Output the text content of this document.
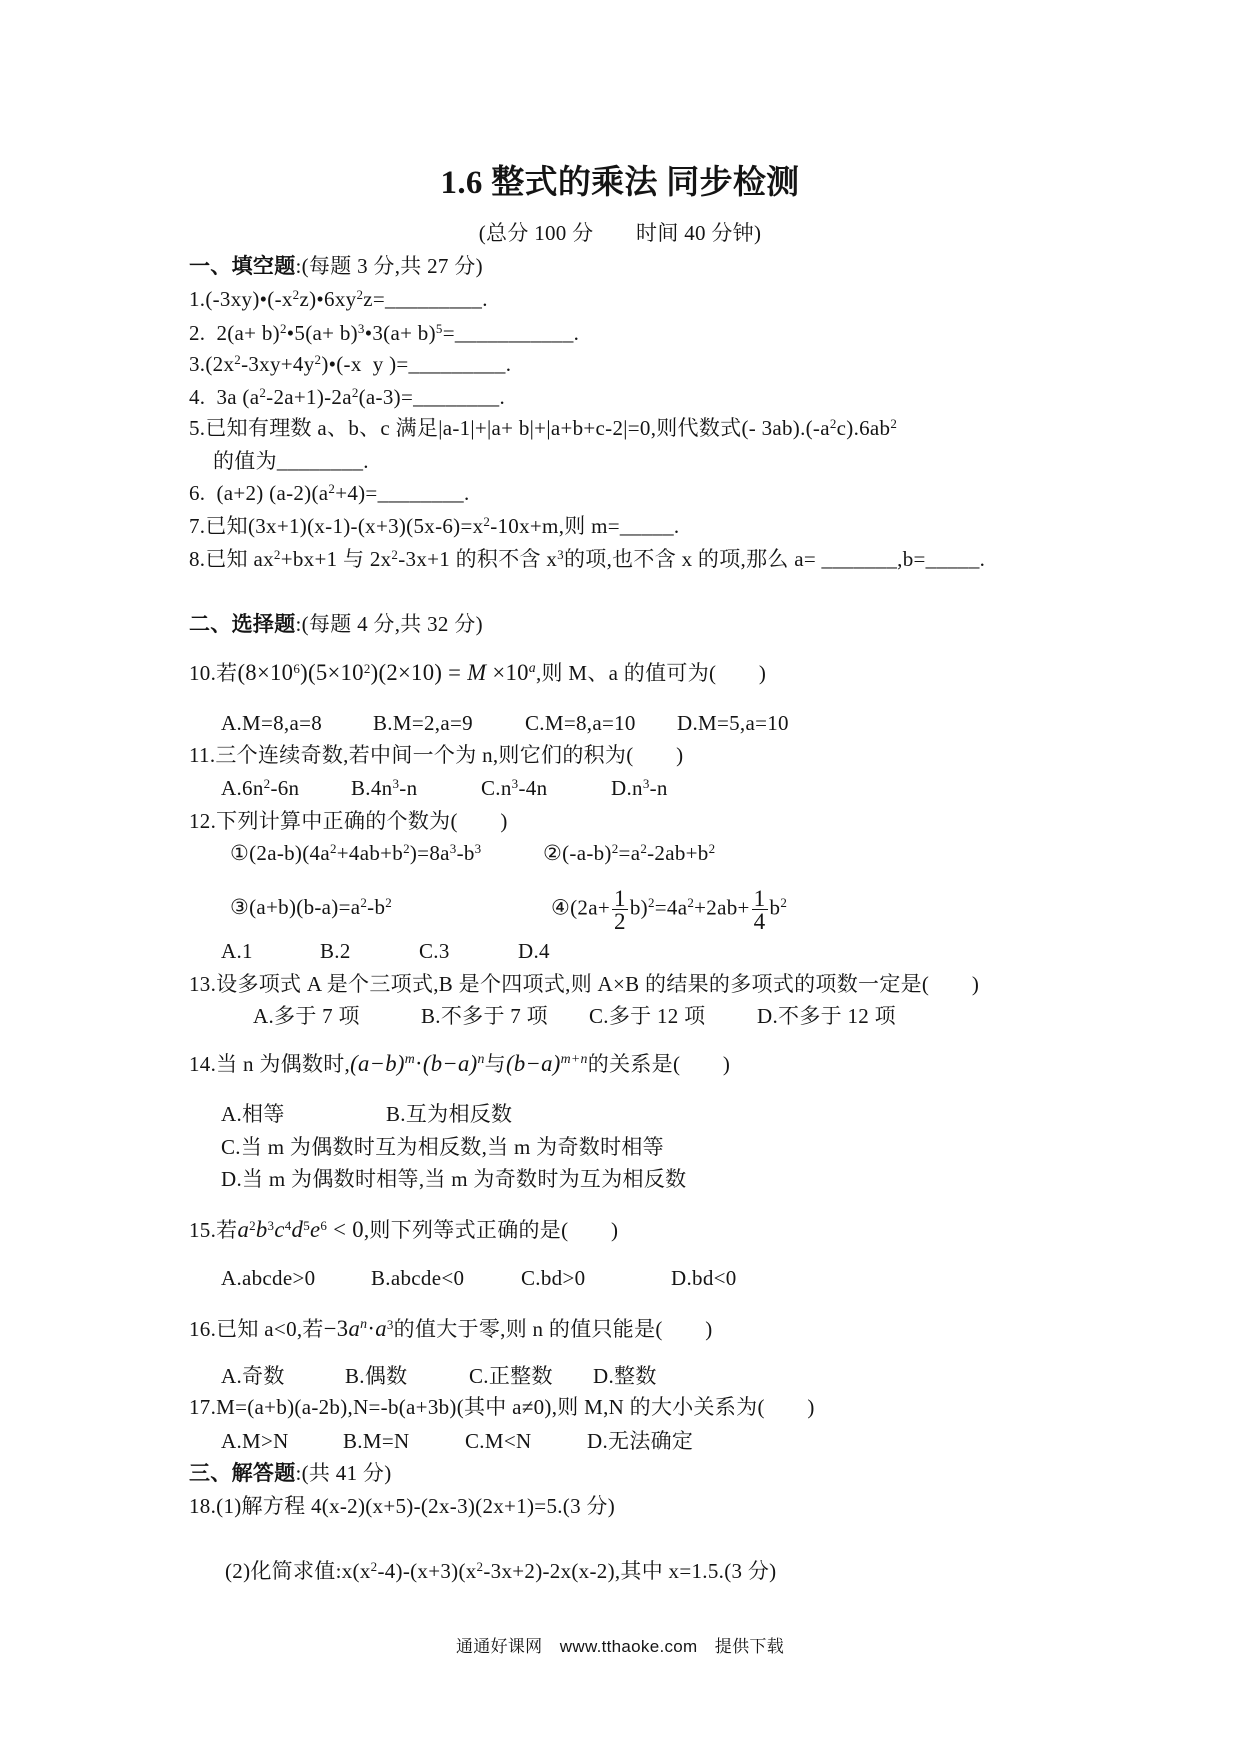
1.6 整式的乘法 同步检测
(总分 100 分　　时间 40 分钟)
一、填空题:(每题 3 分,共 27 分)
$1.(-3xy)•(-x^2z)•6xy^2z=\_\_\_\_\_\_\_\_\_$.
2.  $2(a+ b)^2•5(a+$ b)$^3$•3(a+ b)$^5$=___________.
$3.(2x^2-3xy+4y^2)•(-x$  y )=_________.
4.  3a $(a^2-2a+1)-2a^2(a-3)=\_\_\_\_\_\_\_\_$.
5.已知有理数 a、b、c 满足|a-1|+|a+ b|+|a+b+c-2|=0,则代数式(- $3ab).(-a^2c).6ab^2$
的值为________.
6.  (a+2) $(a-2)(a^2+4)=\_\_\_\_\_\_\_\_$.
7.已知$(3x+1)(x-1)-(x+3)(5x-6)=x^2-10x+m$,则 m=_____.
8.已知 $ax^2+bx+1$ 与 $2x^2-3x+1$ 的积不含 $x^3$的项,也不含 x 的项,那么 a= _______,b=_____.
二、选择题:(每题 4 分,共 32 分)
10.若$(8\times 10^6)(5\times 10^2)(2\times 10) = M \times 10^a$,则 M、a 的值可为(　　)
A.M=8,a=8 B.M=2,a=9 C.M=8,a=10 D.M=5,a=10
11.三个连续奇数,若中间一个为 n,则它们的积为(　　)
$A.6n^2-6n$ $B.4n^3-n$	$C.n^3-4n$	$D.n^3-n$
12.下列计算中正确的个数为(　　)
$①(2a-b)(4a^2+4ab+b^2)=8a^3-b^3$	$②(-a-b)^2=a^2-2ab+b^2$
$③(a+b)(b-a)=a^2-b^2$	④(2a+ $\frac{1}{2} b)^2=4a^2+2ab+ \frac{1}{4} b^2$
A.1	B.2	C.3	D.4
13.设多项式 A 是个三项式,B 是个四项式,则 A×B 的结果的多项式的项数一定是(　　)
A.多于 7 项	B.不多于 7 项 C.多于 12 项 D.不多于 12 项
14.当 n 为偶数时$,(a-b)^m\cdot(b-a)^n$与$(b-a)^{m+n}$的关系是(　　)
A.相等	B.互为相反数
C.当 m 为偶数时互为相反数,当 m 为奇数时相等
D.当 m 为偶数时相等,当 m 为奇数时为互为相反数
15.若$a^2b^3c^4d^5e^6 < 0$,则下列等式正确的是(　　)
A.abcde>0	B.abcde<0	C.bd>0	D.bd<0
16.已知 a<0,若$-3a^n\cdot a^3$的值大于零,则 n 的值只能是(　　)
A.奇数	B.偶数	C.正整数 D.整数
17.M=(a+b)(a-2b),N=-b(a+3b)(其中 a≠0),则 M,N 的大小关系为(　　)
A.M>N	B.M=N	C.M<N	D.无法确定
三、解答题:(共 41 分)
18.(1)解方程 4(x-2)(x+5)-(2x-3)(2x+1)=5.(3 分)
(2)化简求值$:x(x^2-4)-(x+3)(x^2-3x+2)-2x(x-2)$,其中 x=1.5.(3 分)
通通好课网　www.tthaoke.com　提供下载
